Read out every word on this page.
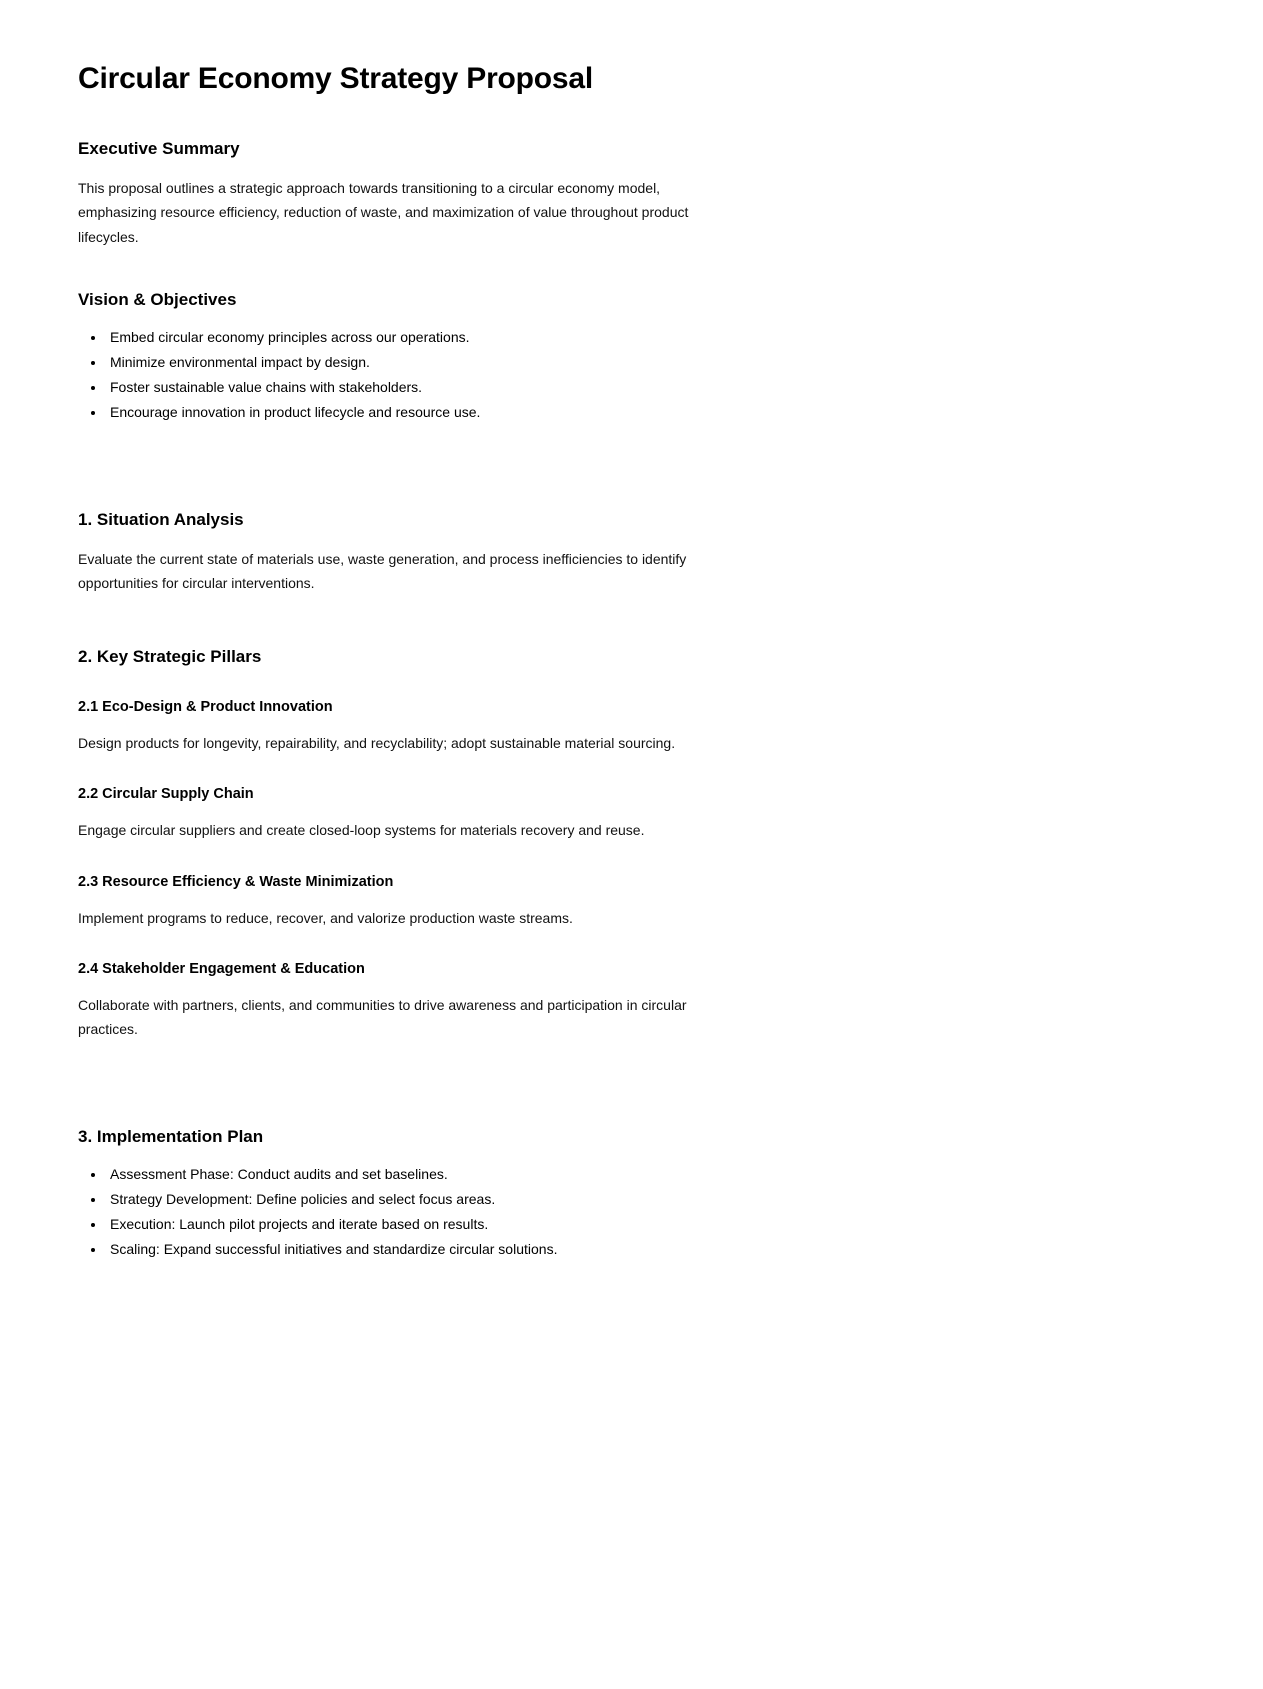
Circular Economy Strategy Proposal
Executive Summary

This proposal outlines a strategic approach towards transitioning to a circular economy model, emphasizing resource efficiency, reduction of waste, and maximization of value throughout product lifecycles.

Vision & Objectives
• Embed circular economy principles across our operations.
• Minimize environmental impact by design.
• Foster sustainable value chains with stakeholders.
• Encourage innovation in product lifecycle and resource use.
1. Situation Analysis

Evaluate the current state of materials use, waste generation, and process inefficiencies to identify opportunities for circular interventions.

2. Key Strategic Pillars
2.1 Eco-Design & Product Innovation

Design products for longevity, repairability, and recyclability; adopt sustainable material sourcing.

2.2 Circular Supply Chain

Engage circular suppliers and create closed-loop systems for materials recovery and reuse.

2.3 Resource Efficiency & Waste Minimization

Implement programs to reduce, recover, and valorize production waste streams.

2.4 Stakeholder Engagement & Education

Collaborate with partners, clients, and communities to drive awareness and participation in circular practices.

3. Implementation Plan
• Assessment Phase: Conduct audits and set baselines.
• Strategy Development: Define policies and select focus areas.
• Execution: Launch pilot projects and iterate based on results.
• Scaling: Expand successful initiatives and standardize circular solutions.
